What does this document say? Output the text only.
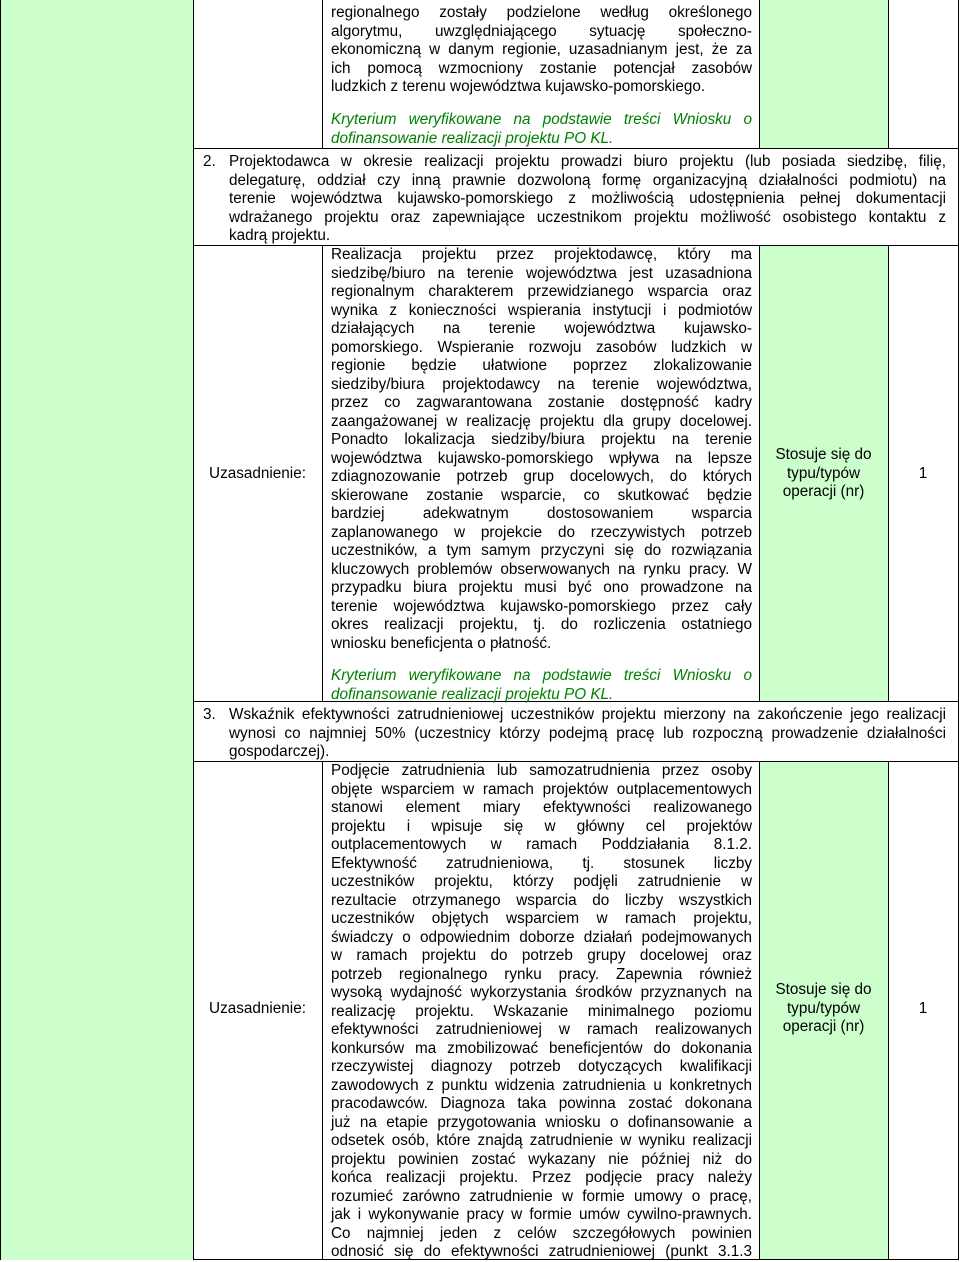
regionalnego zostały podzielone według określonego
algorytmu, uwzględniającego sytuację społeczno-
ekonomiczną w danym regionie, uzasadnianym jest, że za
ich pomocą wzmocniony zostanie potencjał zasobów
ludzkich z terenu województwa kujawsko-pomorskiego.
Kryterium weryfikowane na podstawie treści Wniosku o
dofinansowanie realizacji projektu PO KL.
2. Projektodawca w okresie realizacji projektu prowadzi biuro projektu (lub posiada siedzibę, filię,
delegaturę, oddział czy inną prawnie dozwoloną formę organizacyjną działalności podmiotu) na
terenie województwa kujawsko-pomorskiego z możliwością udostępnienia pełnej dokumentacji
wdrażanego projektu oraz zapewniające uczestnikom projektu możliwość osobistego kontaktu z
kadrą projektu.
Uzasadnienie:
Realizacja projektu przez projektodawcę, który ma
siedzibę/biuro na terenie województwa jest uzasadniona
regionalnym charakterem przewidzianego wsparcia oraz
wynika z konieczności wspierania instytucji i podmiotów
działających na terenie województwa kujawsko-
pomorskiego. Wspieranie rozwoju zasobów ludzkich w
regionie będzie ułatwione poprzez zlokalizowanie
siedziby/biura projektodawcy na terenie województwa,
przez co zagwarantowana zostanie dostępność kadry
zaangażowanej w realizację projektu dla grupy docelowej.
Ponadto lokalizacja siedziby/biura projektu na terenie
województwa kujawsko-pomorskiego wpływa na lepsze
zdiagnozowanie potrzeb grup docelowych, do których
skierowane zostanie wsparcie, co skutkować będzie
bardziej adekwatnym dostosowaniem wsparcia
zaplanowanego w projekcie do rzeczywistych potrzeb
uczestników, a tym samym przyczyni się do rozwiązania
kluczowych problemów obserwowanych na rynku pracy. W
przypadku biura projektu musi być ono prowadzone na
terenie województwa kujawsko-pomorskiego przez cały
okres realizacji projektu, tj. do rozliczenia ostatniego
wniosku beneficjenta o płatność.
Kryterium weryfikowane na podstawie treści Wniosku o
dofinansowanie realizacji projektu PO KL.
Stosuje się do
typu/typów
operacji (nr)
1
3. Wskaźnik efektywności zatrudnieniowej uczestników projektu mierzony na zakończenie jego realizacji
wynosi co najmniej 50% (uczestnicy którzy podejmą pracę lub rozpoczną prowadzenie działalności
gospodarczej).
Uzasadnienie:
Podjęcie zatrudnienia lub samozatrudnienia przez osoby
objęte wsparciem w ramach projektów outplacementowych
stanowi element miary efektywności realizowanego
projektu i wpisuje się w główny cel projektów
outplacementowych w ramach Poddziałania 8.1.2.
Efektywność zatrudnieniowa, tj. stosunek liczby
uczestników projektu, którzy podjęli zatrudnienie w
rezultacie otrzymanego wsparcia do liczby wszystkich
uczestników objętych wsparciem w ramach projektu,
świadczy o odpowiednim doborze działań podejmowanych
w ramach projektu do potrzeb grupy docelowej oraz
potrzeb regionalnego rynku pracy. Zapewnia również
wysoką wydajność wykorzystania środków przyznanych na
realizację projektu. Wskazanie minimalnego poziomu
efektywności zatrudnieniowej w ramach realizowanych
konkursów ma zmobilizować beneficjentów do dokonania
rzeczywistej diagnozy potrzeb dotyczących kwalifikacji
zawodowych z punktu widzenia zatrudnienia u konkretnych
pracodawców. Diagnoza taka powinna zostać dokonana
już na etapie przygotowania wniosku o dofinansowanie a
odsetek osób, które znajdą zatrudnienie w wyniku realizacji
projektu powinien zostać wykazany nie później niż do
końca realizacji projektu. Przez podjęcie pracy należy
rozumieć zarówno zatrudnienie w formie umowy o pracę,
jak i wykonywanie pracy w formie umów cywilno-prawnych.
Co najmniej jeden z celów szczegółowych powinien
odnosić się do efektywności zatrudnieniowej (punkt 3.1.3
Stosuje się do
typu/typów
operacji (nr)
1
